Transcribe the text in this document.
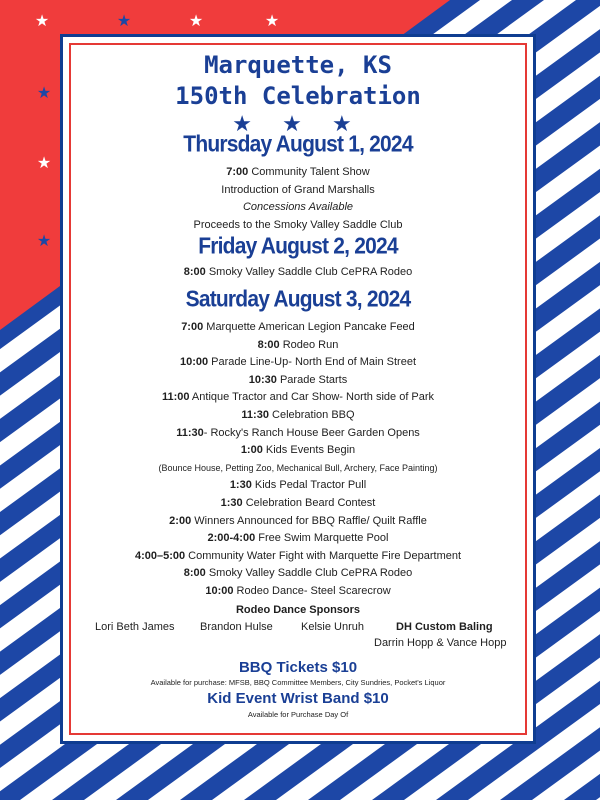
★	★	★	★
★
★
★
Marquette, KS
150th Celebration
★ ★ ★
Thursday August 1, 2024
7:00 Community Talent Show
Introduction of Grand Marshalls
Concessions Available
Proceeds to the Smoky Valley Saddle Club
Friday August 2, 2024
8:00 Smoky Valley Saddle Club CePRA Rodeo
Saturday August 3, 2024
7:00 Marquette American Legion Pancake Feed
8:00 Rodeo Run
10:00 Parade Line-Up- North End of Main Street
10:30 Parade Starts
11:00 Antique Tractor and Car Show- North side of Park
11:30 Celebration BBQ
11:30- Rocky's Ranch House Beer Garden Opens
1:00 Kids Events Begin
(Bounce House, Petting Zoo, Mechanical Bull, Archery, Face Painting)
1:30 Kids Pedal Tractor Pull
1:30 Celebration Beard Contest
2:00 Winners Announced for BBQ Raffle/ Quilt Raffle
2:00-4:00 Free Swim Marquette Pool
4:00–5:00 Community Water Fight with Marquette Fire Department
8:00 Smoky Valley Saddle Club CePRA Rodeo
10:00 Rodeo Dance- Steel Scarecrow
Rodeo Dance Sponsors
Lori Beth James Brandon Hulse	Kelsie Unruh	DH Custom Baling
Darrin Hopp & Vance Hopp
BBQ Tickets $10
Available for purchase: MFSB, BBQ Committee Members, City Sundries, Pocket's Liquor
Kid Event Wrist Band $10
Available for Purchase Day Of
